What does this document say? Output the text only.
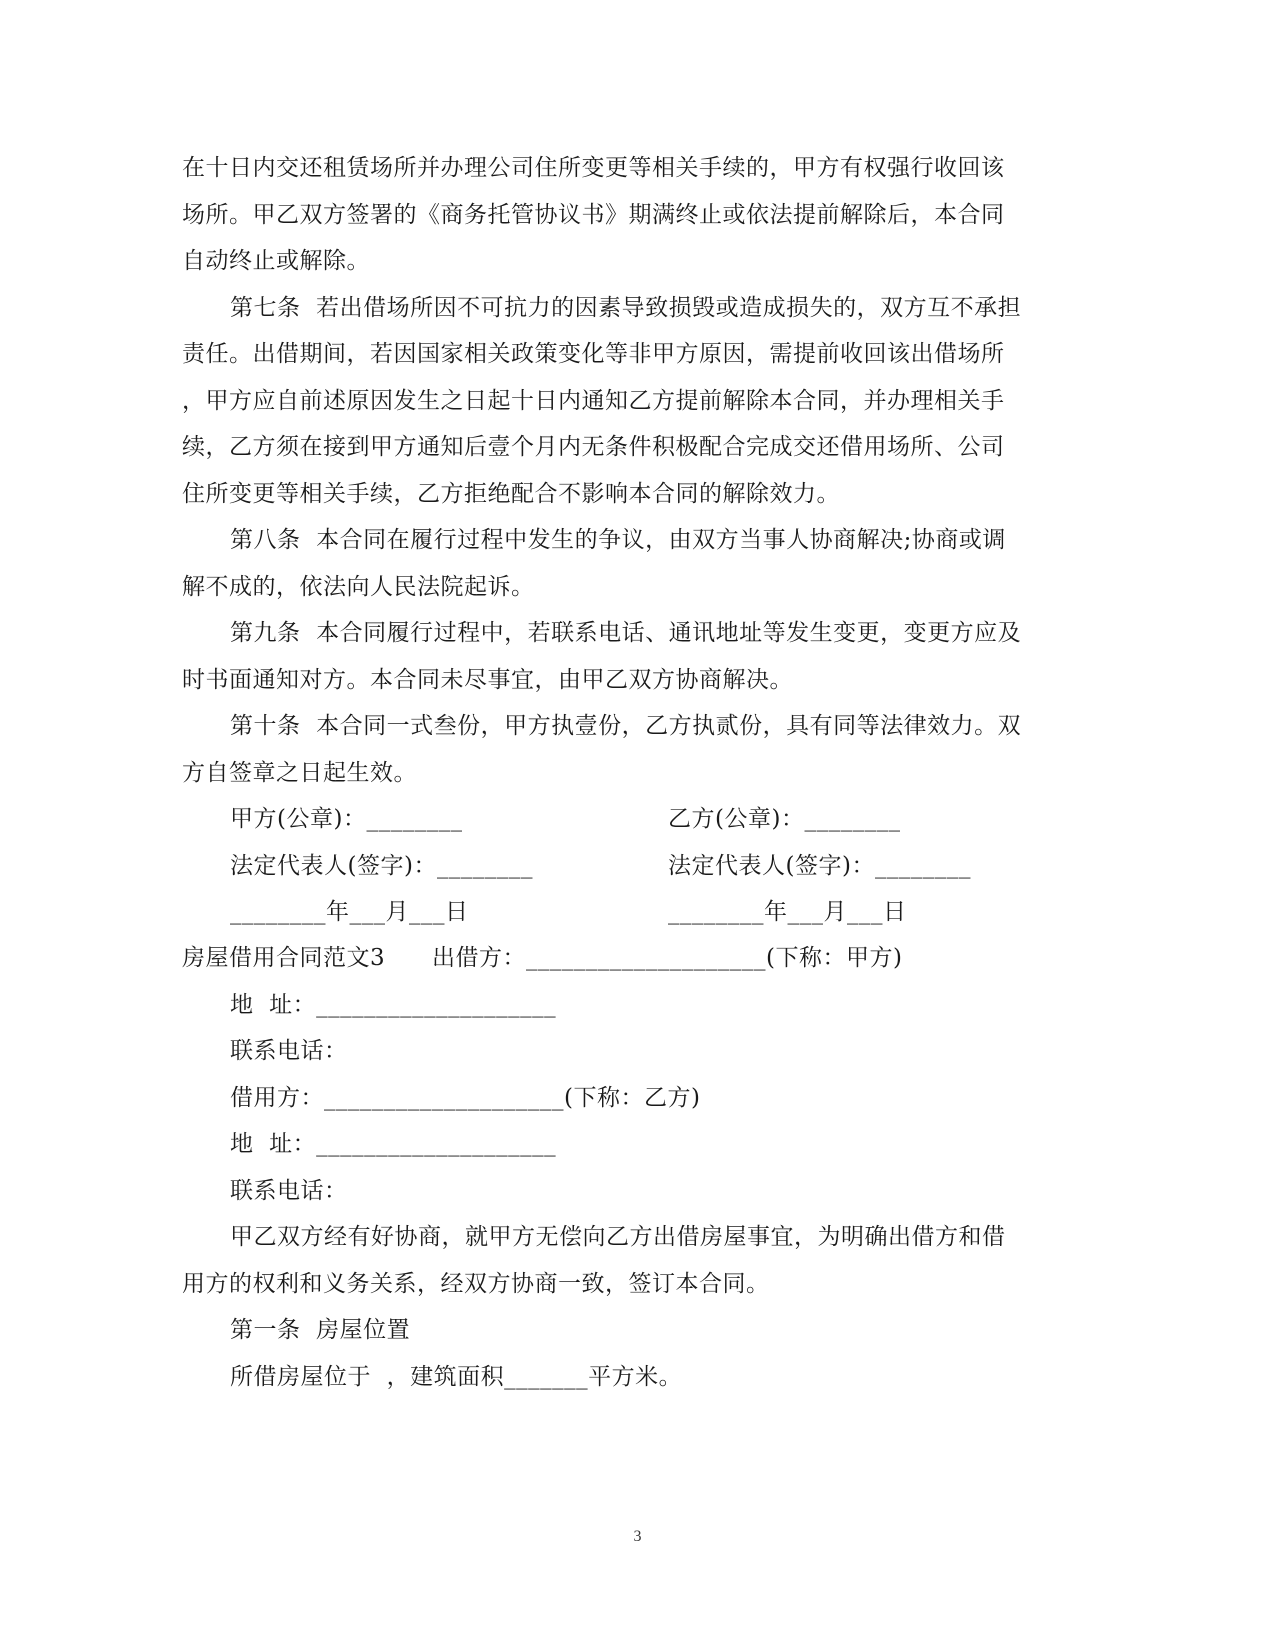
在十日内交还租赁场所并办理公司住所变更等相关手续的，甲方有权强行收回该
场所。甲乙双方签署的《商务托管协议书》期满终止或依法提前解除后，本合同
自动终止或解除。
第七条  若出借场所因不可抗力的因素导致损毁或造成损失的，双方互不承担
责任。出借期间，若因国家相关政策变化等非甲方原因，需提前收回该出借场所
，甲方应自前述原因发生之日起十日内通知乙方提前解除本合同，并办理相关手
续，乙方须在接到甲方通知后壹个月内无条件积极配合完成交还借用场所、公司
住所变更等相关手续，乙方拒绝配合不影响本合同的解除效力。
第八条  本合同在履行过程中发生的争议，由双方当事人协商解决;协商或调
解不成的，依法向人民法院起诉。
第九条  本合同履行过程中，若联系电话、通讯地址等发生变更，变更方应及
时书面通知对方。本合同未尽事宜，由甲乙双方协商解决。
第十条  本合同一式叁份，甲方执壹份，乙方执贰份，具有同等法律效力。双
方自签章之日起生效。
甲方(公章)：________	乙方(公章)：________
法定代表人(签字)：________	法定代表人(签字)：________
________年___月___日	________年___月___日
房屋借用合同范文3      出借方：____________________(下称：甲方)
地  址：____________________
联系电话：
借用方：____________________(下称：乙方)
地  址：____________________
联系电话：
甲乙双方经有好协商，就甲方无偿向乙方出借房屋事宜，为明确出借方和借
用方的权利和义务关系，经双方协商一致，签订本合同。
第一条  房屋位置
所借房屋位于  ，建筑面积_______平方米。
3
